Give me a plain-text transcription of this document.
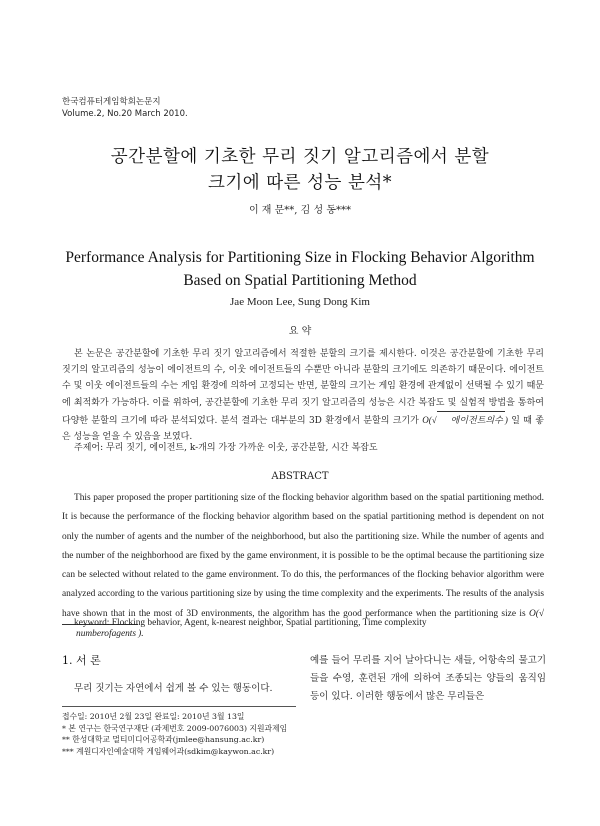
한국컴퓨터게임학회논문지
Volume.2, No.20 March 2010.
공간분할에 기초한 무리 짓기 알고리즘에서 분할
크기에 따른 성능 분석*
이 재 문**, 김 성 동***
Performance Analysis for Partitioning Size in Flocking Behavior Algorithm
Based on Spatial Partitioning Method
Jae Moon Lee, Sung Dong Kim
요 약
본 논문은 공간분할에 기초한 무리 짓기 알고리즘에서 적절한 분할의 크기를 제시한다. 이것은 공간분할에 기초한 무리 짓기의 알고리즘의 성능이 에이전트의 수, 이웃 에이전트들의 수뿐만 아니라 분할의 크기에도 의존하기 때문이다. 에이전트 수 및 이웃 에이전트들의 수는 게임 환경에 의하여 고정되는 반면, 분할의 크기는 게임 환경에 관계없이 선택될 수 있기 때문에 최적화가 가능하다. 이를 위하여, 공간분할에 기초한 무리 짓기 알고리즘의 성능은 시간 복잡도 및 실험적 방법을 통하여 다양한 분할의 크기에 따라 분석되었다. 분석 결과는 대부분의 3D 환경에서 분할의 크기가 O(√ 에이전트의수 ) 일 때 좋은 성능을 얻을 수 있음을 보였다.
주제어: 무리 짓기, 에이전트, k-개의 가장 가까운 이웃, 공간분할, 시간 복잡도
ABSTRACT
This paper proposed the proper partitioning size of the flocking behavior algorithm based on the spatial partitioning method. It is because the performance of the flocking behavior algorithm based on the spatial partitioning method is dependent on not only the number of agents and the number of the neighborhood, but also the partitioning size. While the number of agents and the number of the neighborhood are fixed by the game environment, it is possible to be the optimal because the partitioning size can be selected without related to the game environment. To do this, the performances of the flocking behavior algorithm were analyzed according to the various partitioning size by using the time complexity and the experiments. The results of the analysis have shown that in the most of 3D environments, the algorithm has the good performance when the partitioning size is O(√numberofagents ).
keyword: Flocking behavior, Agent, k-nearest neighbor, Spatial partitioning, Time complexity
1. 서 론
무리 짓기는 자연에서 쉽게 볼 수 있는 행동이다.
예를 들어 무리를 지어 날아다니는 새들, 어항속의 물고기들을 수영, 훈련된 개에 의하여 조종되는 양들의 움직임 등이 있다. 이러한 행동에서 많은 무리들은
접수일: 2010년 2월 23일 완료일: 2010년 3월 13일
* 본 연구는 한국연구재단 (과제번호 2009-0076003) 지원과제임
** 한성대학교 멀티미디어공학과(jmlee@hansung.ac.kr)
*** 계원디자인예술대학 게임웨어과(sdkim@kaywon.ac.kr)
